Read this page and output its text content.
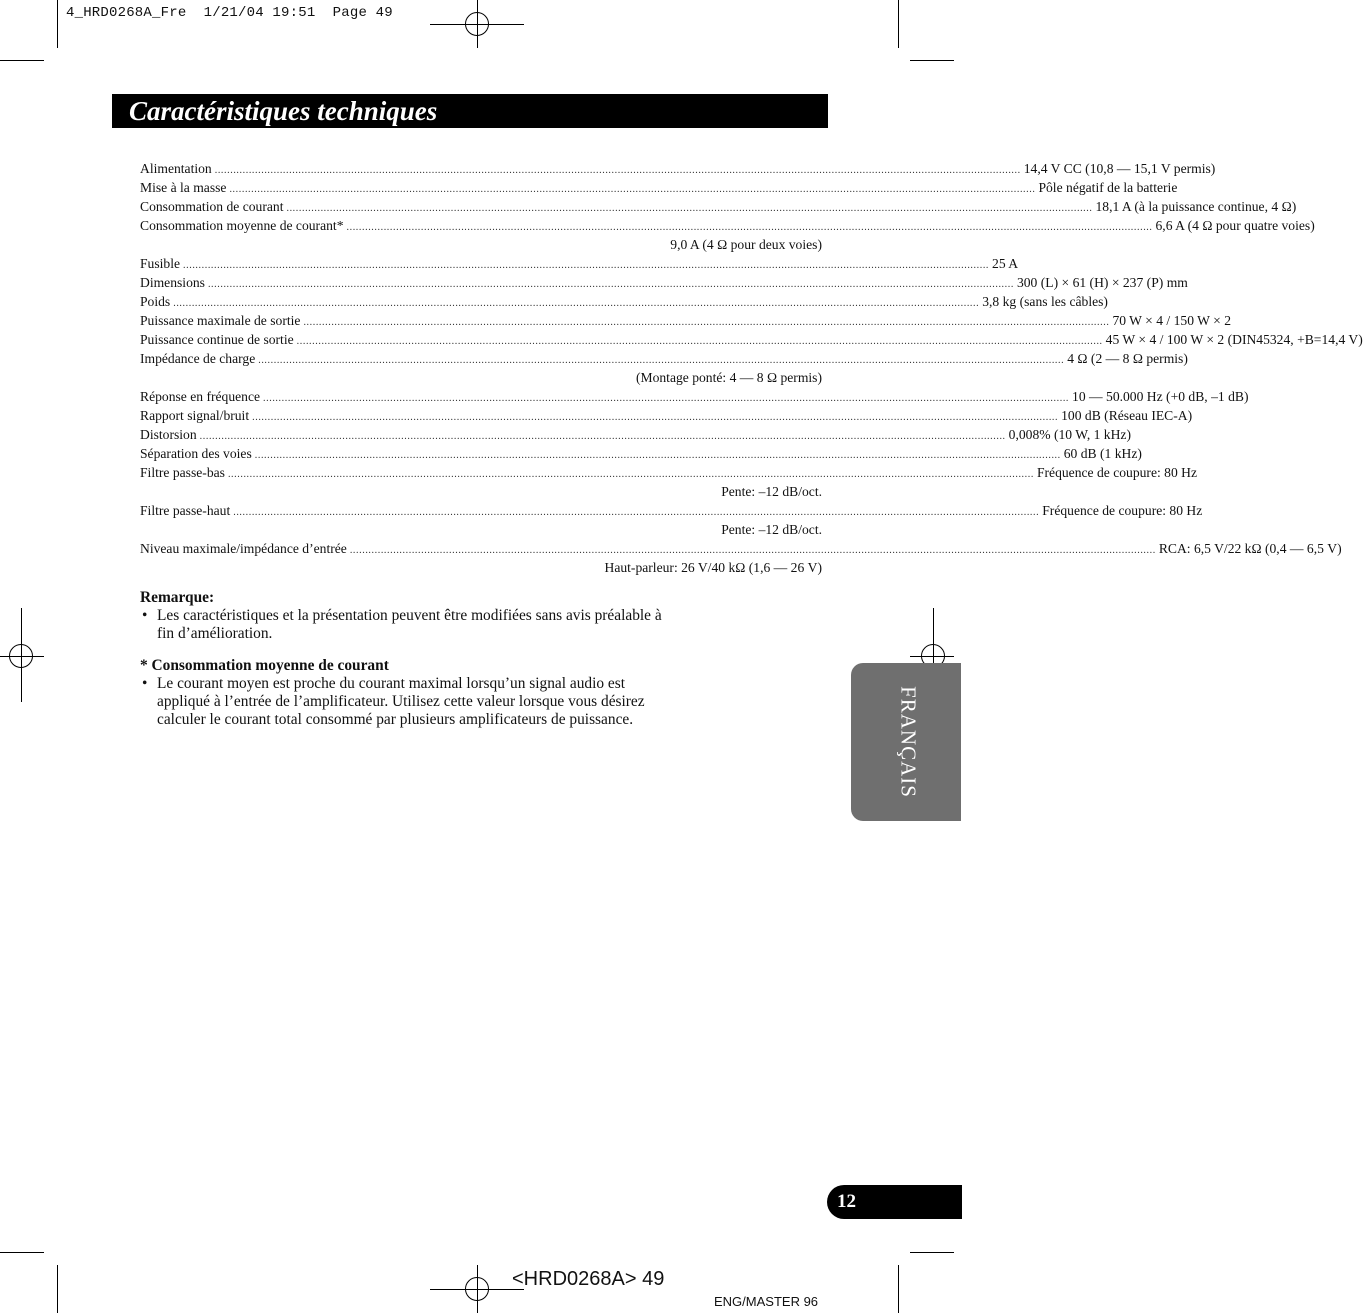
4_HRD0268A_Fre  1/21/04 19:51  Page 49
Caractéristiques techniques
Alimentation .................................................................................................................................................................................................................................................................... 14,4 V CC (10,8 — 15,1 V permis)
Mise à la masse .................................................................................................................................................................................................................................................................... Pôle négatif de la batterie
Consommation de courant .................................................................................................................................................................................................................................................................... 18,1 A (à la puissance continue, 4 Ω)
Consommation moyenne de courant* .................................................................................................................................................................................................................................................................... 6,6 A (4 Ω pour quatre voies)
9,0 A (4 Ω pour deux voies)
Fusible .................................................................................................................................................................................................................................................................... 25 A
Dimensions .................................................................................................................................................................................................................................................................... 300 (L) × 61 (H) × 237 (P) mm
Poids .................................................................................................................................................................................................................................................................... 3,8 kg (sans les câbles)
Puissance maximale de sortie .................................................................................................................................................................................................................................................................... 70 W × 4 / 150 W × 2
Puissance continue de sortie .................................................................................................................................................................................................................................................................... 45 W × 4 / 100 W × 2 (DIN45324, +B=14,4 V)
Impédance de charge .................................................................................................................................................................................................................................................................... 4 Ω (2 — 8 Ω permis)
(Montage ponté: 4 — 8 Ω permis)
Réponse en fréquence .................................................................................................................................................................................................................................................................... 10 — 50.000 Hz (+0 dB, –1 dB)
Rapport signal/bruit .................................................................................................................................................................................................................................................................... 100 dB (Réseau IEC-A)
Distorsion .................................................................................................................................................................................................................................................................... 0,008% (10 W, 1 kHz)
Séparation des voies .................................................................................................................................................................................................................................................................... 60 dB (1 kHz)
Filtre passe-bas .................................................................................................................................................................................................................................................................... Fréquence de coupure: 80 Hz
Pente: –12 dB/oct.
Filtre passe-haut .................................................................................................................................................................................................................................................................... Fréquence de coupure: 80 Hz
Pente: –12 dB/oct.
Niveau maximale/impédance d’entrée .................................................................................................................................................................................................................................................................... RCA: 6,5 V/22 kΩ (0,4 — 6,5 V)
Haut-parleur: 26 V/40 kΩ (1,6 — 26 V)
Remarque:
• Les caractéristiques et la présentation peuvent être modifiées sans avis préalable à
fin d’amélioration.
* Consommation moyenne de courant
• Le courant moyen est proche du courant maximal lorsqu’un signal audio est
appliqué à l’entrée de l’amplificateur. Utilisez cette valeur lorsque vous désirez
calculer le courant total consommé par plusieurs amplificateurs de puissance.	FRANÇAIS
12
<HRD0268A> 49
ENG/MASTER 96
